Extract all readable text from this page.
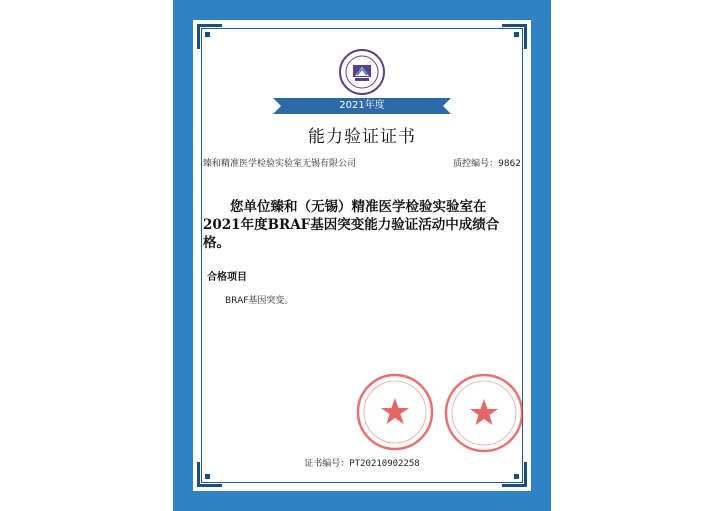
2021年度
能力验证证书
臻和精准医学检验实验室无锡有限公司	质控编号：9862
您单位臻和（无锡）精准医学检验实验室在2021年度BRAF基因突变能力验证活动中成绩合格。
合格项目
BRAF基因突变。
证书编号：PT20210902258
